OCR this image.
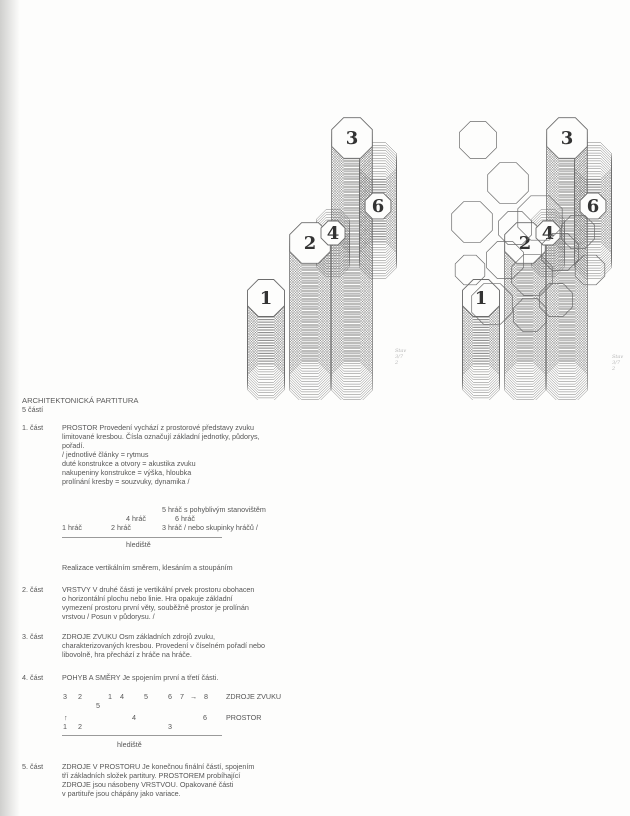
1
2
3
4
6
1
2
3
4
6
Stav
3/7
2
Stav
3/7
2
ARCHITEKTONICKÁ PARTITURA
5 částí
1. část	PROSTOR Provedení vychází z prostorové představy zvuku
limitované kresbou. Čísla označují základní jednotky, půdorys,
pořadí.
/ jednotlivé články = rytmus
duté konstrukce a otvory = akustika zvuku
nakupeniny konstrukce = výška, hloubka
prolínání kresby = souzvuky, dynamika /
5 hráč s pohyblivým stanovištěm
4 hráč	6 hráč
1 hráč	2 hráč	3 hráč / nebo skupinky hráčů /
hlediště
Realizace vertikálním směrem, klesáním a stoupáním
2. část	VRSTVY V druhé části je vertikální prvek prostoru obohacen
o horizontální plochu nebo linie. Hra opakuje základní
vymezení prostoru první věty, souběžně prostor je prolínán
vrstvou / Posun v půdorysu. /
3. část	ZDROJE ZVUKU Osm základních zdrojů zvuku,
charakterizovaných kresbou. Provedení v číselném pořadí nebo
libovolně, hra přechází z hráče na hráče.
4. část	POHYB A SMĚRY Je spojením první a třetí části.
3 2	1 4	5	6 7 → 8	ZDROJE ZVUKU
5
↑	4	6	PROSTOR
1 2	3
hlediště
5. část	ZDROJE V PROSTORU Je konečnou finální částí, spojením
tří základních složek partitury. PROSTOREM probíhající
ZDROJE jsou násobeny VRSTVOU. Opakované části
v partituře jsou chápány jako variace.
